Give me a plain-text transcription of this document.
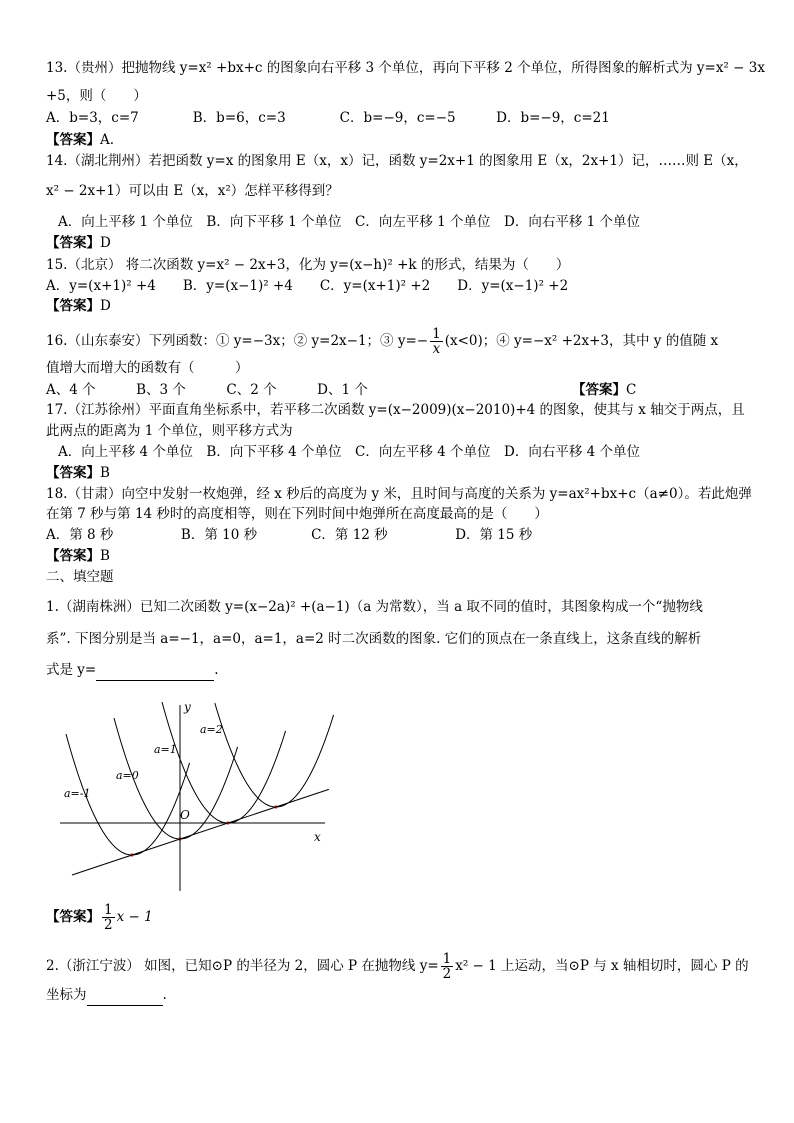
13.（贵州）把抛物线 y=x² +bx+c 的图象向右平移 3 个单位，再向下平移 2 个单位，所得图象的解析式为 y=x² − 3x
+5，则（　　）
A．b=3，c=7　　　　B．b=6，c=3　　　　C．b=−9，c=−5　　　D．b=−9，c=21
【答案】A.
14.（湖北荆州）若把函数 y=x 的图象用 E（x，x）记，函数 y=2x+1 的图象用 E（x，2x+1）记，……则 E（x，
x² − 2x+1）可以由 E（x，x²）怎样平移得到？
A．向上平移 1 个单位　B．向下平移 1 个单位　C．向左平移 1 个单位　D．向右平移 1 个单位
【答案】D
15.（北京） 将二次函数 y=x² − 2x+3，化为 y=(x−h)² +k 的形式，结果为（　　）
A．y=(x+1)² +4　　B．y=(x−1)² +4　　C．y=(x+1)² +2　　D．y=(x−1)² +2
【答案】D
16.（山东泰安）下列函数：① y=−3x；② y=2x−1；③ $y=- \frac{1}{x} (x<0)$；④ y=−x² +2x+3，其中 y 的值随 x
值增大而增大的函数有（　　　）
A、4 个　　　B、3 个　　　C、2 个　　　D、1 个	【答案】C
17.（江苏徐州）平面直角坐标系中，若平移二次函数 y=(x−2009)(x−2010)+4 的图象，使其与 x 轴交于两点，且
此两点的距离为 1 个单位，则平移方式为
A．向上平移 4 个单位　B．向下平移 4 个单位　C．向左平移 4 个单位　D．向右平移 4 个单位
【答案】B
18.（甘肃）向空中发射一枚炮弹，经 x 秒后的高度为 y 米，且时间与高度的关系为 y=ax²+bx+c（a≠0）。若此炮弹
在第 7 秒与第 14 秒时的高度相等，则在下列时间中炮弹所在高度最高的是（　　）
A．第 8 秒　　　　　B．第 10 秒　　　　C．第 12 秒　　　　　D．第 15 秒
【答案】B
二、填空题
1.（湖南株洲）已知二次函数 y=(x−2a)² +(a−1)（a 为常数），当 a 取不同的值时，其图象构成一个“抛物线
系”. 下图分别是当 a=−1，a=0，a=1，a=2 时二次函数的图象. 它们的顶点在一条直线上，这条直线的解析
式是 y=	.
y
x
O
a=-1
a=0
a=1
a=2
【答案】 $\frac{1}{2}$ x − 1
2.（浙江宁波） 如图，已知⊙P 的半径为 2，圆心 P 在抛物线 $y= \frac{1}{2} x^2 - 1$ 上运动，当⊙P 与 x 轴相切时，圆心 P 的
坐标为	.
